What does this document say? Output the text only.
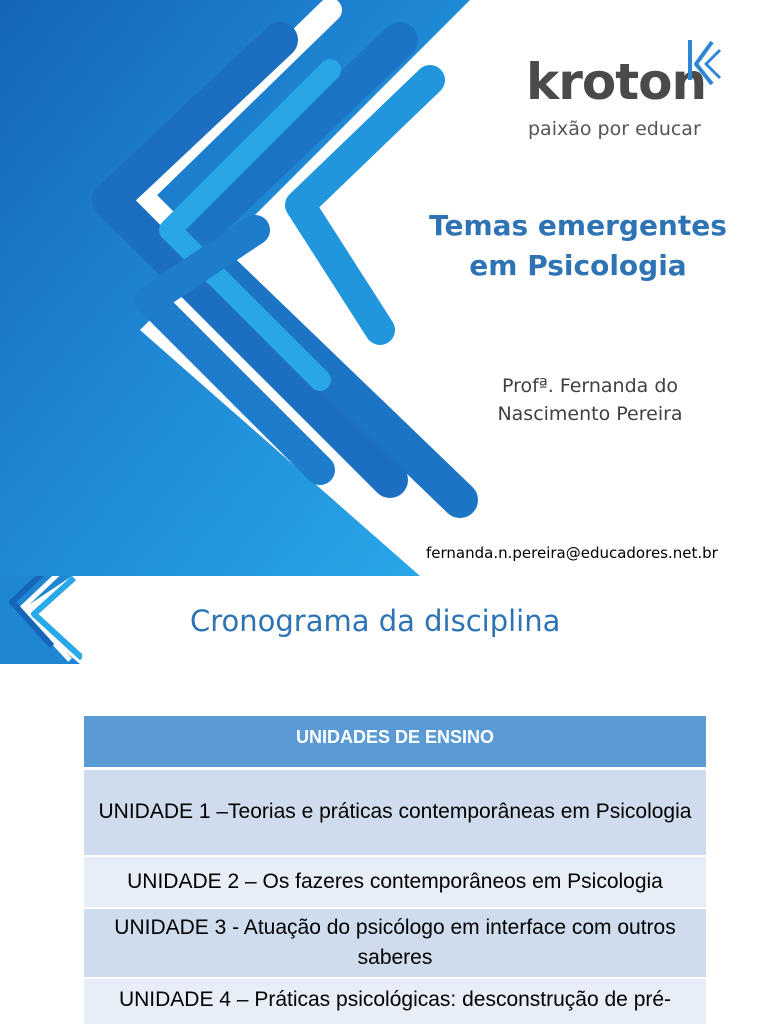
kroton
paixão por educar
Temas emergentes
em Psicologia
Profª. Fernanda do
Nascimento Pereira
fernanda.n.pereira@educadores.net.br
Cronograma da disciplina
UNIDADES DE ENSINO
UNIDADE 1 –Teorias e práticas contemporâneas em Psicologia
UNIDADE 2 – Os fazeres contemporâneos em Psicologia
UNIDADE 3 - Atuação do psicólogo em interface com outros saberes
UNIDADE 4 – Práticas psicológicas: desconstrução de pré-
